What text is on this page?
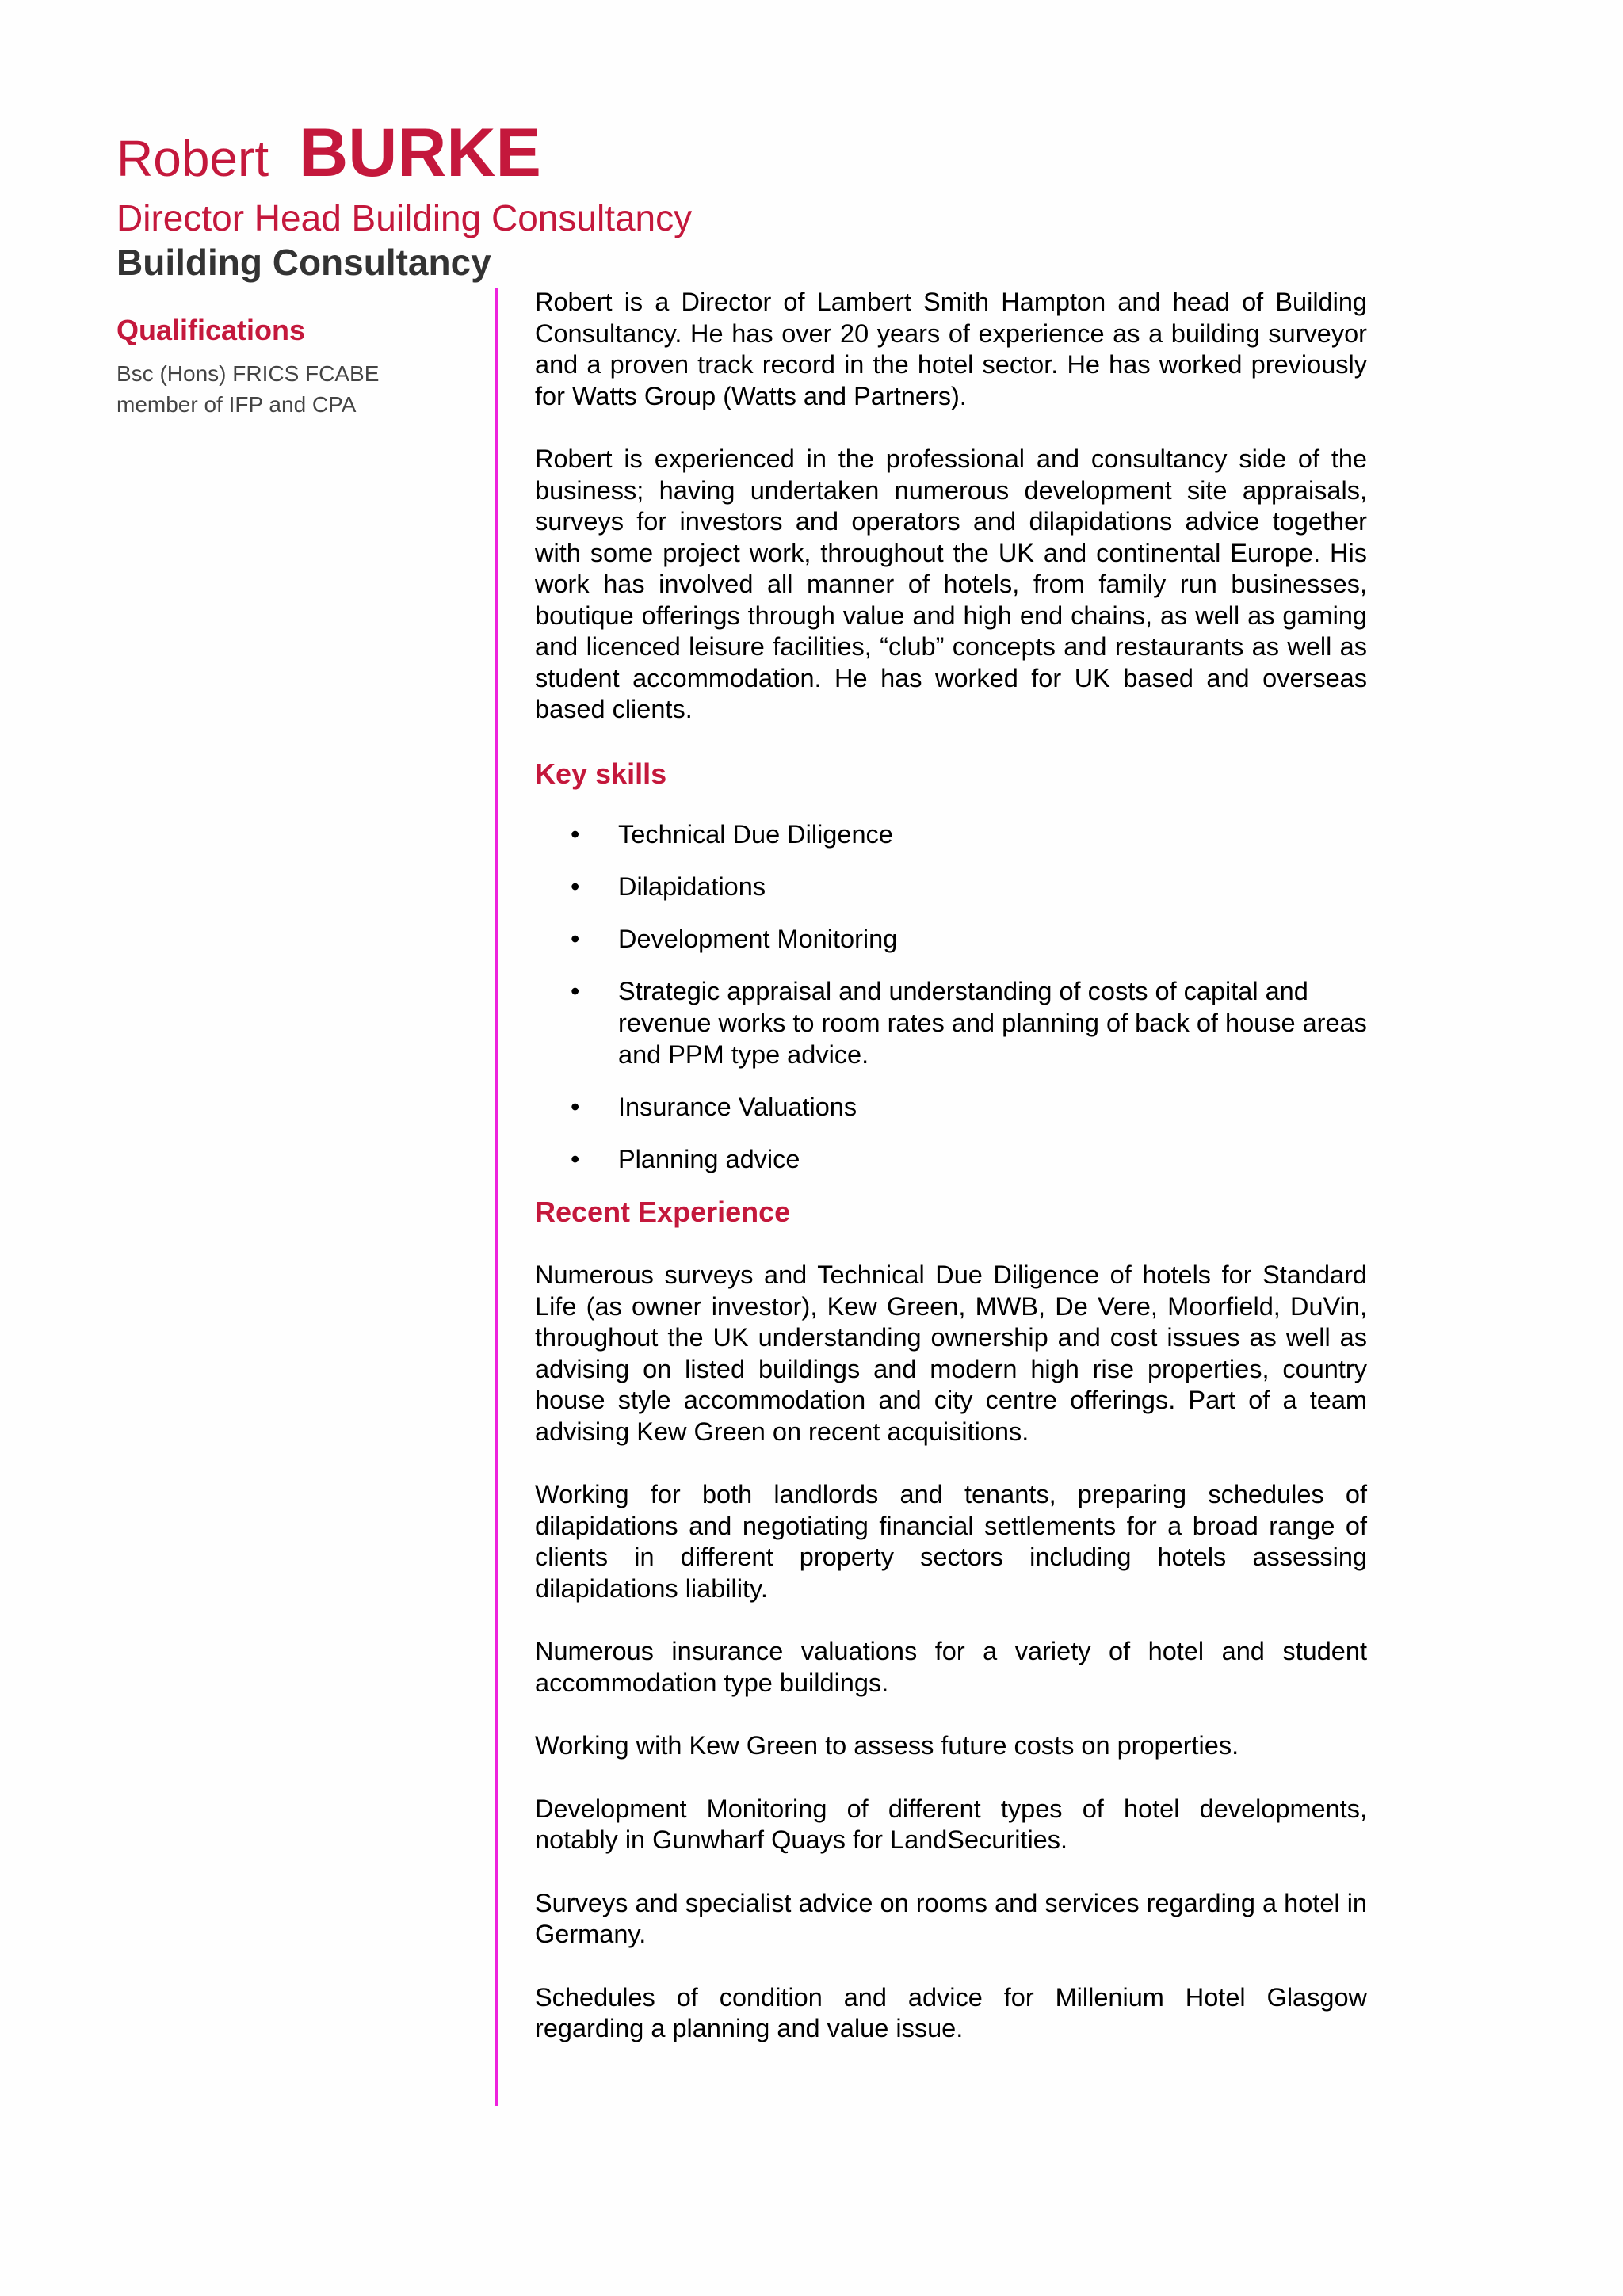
Robert BURKE
Director Head Building Consultancy
Building Consultancy
Qualifications

Bsc (Hons) FRICS FCABE
member of IFP and CPA

Robert is a Director of Lambert Smith Hampton and head of Building Consultancy. He has over 20 years of experience as a building surveyor and a proven track record in the hotel sector. He has worked previously for Watts Group (Watts and Partners).

Robert is experienced in the professional and consultancy side of the business; having undertaken numerous development site appraisals, surveys for investors and operators and dilapidations advice together with some project work, throughout the UK and continental Europe. His work has involved all manner of hotels, from family run businesses, boutique offerings through value and high end chains, as well as gaming and licenced leisure facilities, “club” concepts and restaurants as well as student accommodation. He has worked for UK based and overseas based clients.

Key skills
• Technical Due Diligence
• Dilapidations
• Development Monitoring
• Strategic appraisal and understanding of costs of capital and revenue works to room rates and planning of back of house areas and PPM type advice.
• Insurance Valuations
• Planning advice
Recent Experience

Numerous surveys and Technical Due Diligence of hotels for Standard Life (as owner investor), Kew Green, MWB, De Vere, Moorfield, DuVin, throughout the UK understanding ownership and cost issues as well as advising on listed buildings and modern high rise properties, country house style accommodation and city centre offerings. Part of a team advising Kew Green on recent acquisitions.

Working for both landlords and tenants, preparing schedules of dilapidations and negotiating financial settlements for a broad range of clients in different property sectors including hotels assessing dilapidations liability.

Numerous insurance valuations for a variety of hotel and student accommodation type buildings.

Working with Kew Green to assess future costs on properties.

Development Monitoring of different types of hotel developments, notably in Gunwharf Quays for LandSecurities.

Surveys and specialist advice on rooms and services regarding a hotel in Germany.

Schedules of condition and advice for Millenium Hotel Glasgow regarding a planning and value issue.
